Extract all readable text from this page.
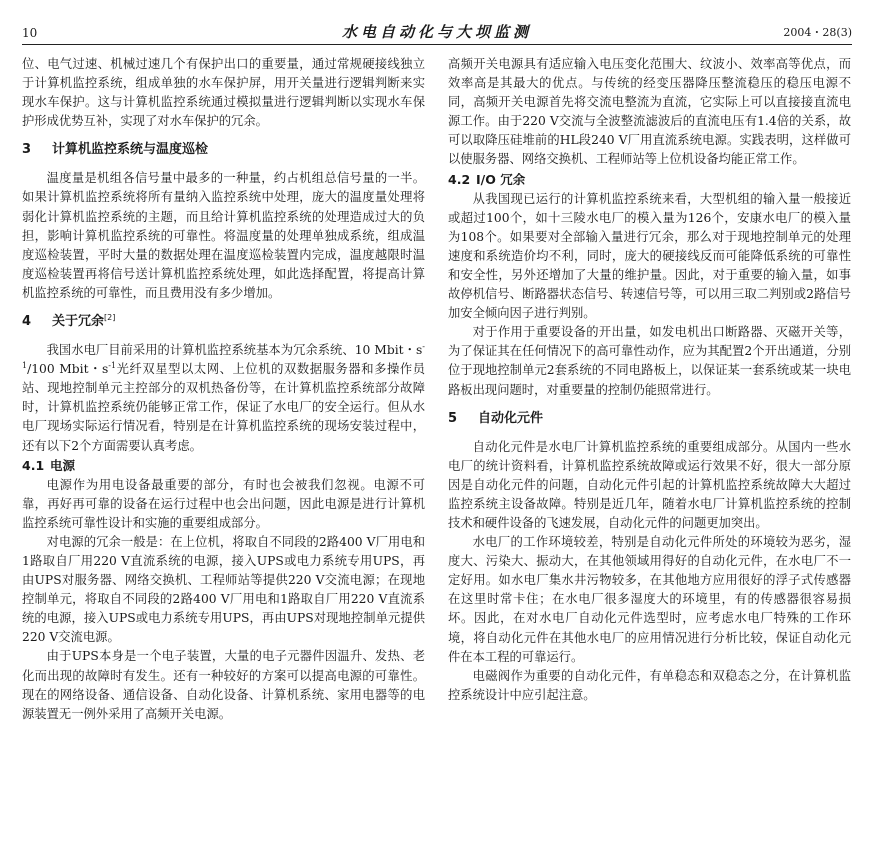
10	水电自动化与大坝监测	2004・28(3)

位、电气过速、机械过速几个有保护出口的重要量，通过常规硬接线独立于计算机监控系统，组成单独的水车保护屏，用开关量进行逻辑判断来实现水车保护。这与计算机监控系统通过模拟量进行逻辑判断以实现水车保护形成优势互补，实现了对水车保护的冗余。

3 计算机监控系统与温度巡检

温度量是机组各信号量中最多的一种量，约占机组总信号量的一半。如果计算机监控系统将所有量纳入监控系统中处理，庞大的温度量处理将弱化计算机监控系统的主题，而且给计算机监控系统的处理造成过大的负担，影响计算机监控系统的可靠性。将温度量的处理单独成系统，组成温度巡检装置，平时大量的数据处理在温度巡检装置内完成，温度越限时温度巡检装置再将信号送计算机监控系统处理，如此选择配置，将提高计算机监控系统的可靠性，而且费用没有多少增加。

4 关于冗余[2]

我国水电厂目前采用的计算机监控系统基本为冗余系统、10 Mbit・$s^{-1}/100$ Mbit・$s^{-1}$光纤双星型以太网、上位机的双数据服务器和多操作员站、现地控制单元主控部分的双机热备份等，在计算机监控系统部分故障时，计算机监控系统仍能够正常工作，保证了水电厂的安全运行。但从水电厂现场实际运行情况看，特别是在计算机监控系统的现场安装过程中，还有以下2个方面需要认真考虑。

4.1 电源

电源作为用电设备最重要的部分，有时也会被我们忽视。电源不可靠，再好再可靠的设备在运行过程中也会出问题，因此电源是进行计算机监控系统可靠性设计和实施的重要组成部分。

对电源的冗余一般是：在上位机，将取自不同段的2路400 V厂用电和1路取自厂用220 V直流系统的电源，接入UPS或电力系统专用UPS，再由UPS对服务器、网络交换机、工程师站等提供220 V交流电源；在现地控制单元，将取自不同段的2路400 V厂用电和1路取自厂用220 V直流系统的电源，接入UPS或电力系统专用UPS，再由UPS对现地控制单元提供220 V交流电源。

由于UPS本身是一个电子装置，大量的电子元器件因温升、发热、老化而出现的故障时有发生。还有一种较好的方案可以提高电源的可靠性。现在的网络设备、通信设备、自动化设备、计算机系统、家用电器等的电源装置无一例外采用了高频开关电源。

高频开关电源具有适应输入电压变化范围大、纹波小、效率高等优点，而效率高是其最大的优点。与传统的经变压器降压整流稳压的稳压电源不同，高频开关电源首先将交流电整流为直流，它实际上可以直接接直流电源工作。由于220 V交流与全波整流滤波后的直流电压有1.4倍的关系，故可以取降压硅堆前的HL段240 V厂用直流系统电源。实践表明，这样做可以使服务器、网络交换机、工程师站等上位机设备均能正常工作。

4.2 I/O 冗余

从我国现已运行的计算机监控系统来看，大型机组的输入量一般接近或超过100个，如十三陵水电厂的模入量为126个，安康水电厂的模入量为108个。如果要对全部输入量进行冗余，那么对于现地控制单元的处理速度和系统造价均不利，同时，庞大的硬接线反而可能降低系统的可靠性和安全性，另外还增加了大量的维护量。因此，对于重要的输入量，如事故停机信号、断路器状态信号、转速信号等，可以用三取二判别或2路信号加安全倾向因子进行判别。

对于作用于重要设备的开出量，如发电机出口断路器、灭磁开关等，为了保证其在任何情况下的高可靠性动作，应为其配置2个开出通道，分别位于现地控制单元2套系统的不同电路板上，以保证某一套系统或某一块电路板出现问题时，对重要量的控制仍能照常进行。

5 自动化元件

自动化元件是水电厂计算机监控系统的重要组成部分。从国内一些水电厂的统计资料看，计算机监控系统故障或运行效果不好，很大一部分原因是自动化元件的问题，自动化元件引起的计算机监控系统故障大大超过监控系统主设备故障。特别是近几年，随着水电厂计算机监控系统的控制技术和硬件设备的飞速发展，自动化元件的问题更加突出。

水电厂的工作环境较差，特别是自动化元件所处的环境较为恶劣，湿度大、污染大、振动大，在其他领域用得好的自动化元件，在水电厂不一定好用。如水电厂集水井污物较多，在其他地方应用很好的浮子式传感器在这里时常卡住；在水电厂很多湿度大的环境里，有的传感器很容易损坏。因此，在对水电厂自动化元件选型时，应考虑水电厂特殊的工作环境，将自动化元件在其他水电厂的应用情况进行分析比较，保证自动化元件在本工程的可靠运行。

电磁阀作为重要的自动化元件，有单稳态和双稳态之分，在计算机监控系统设计中应引起注意。
